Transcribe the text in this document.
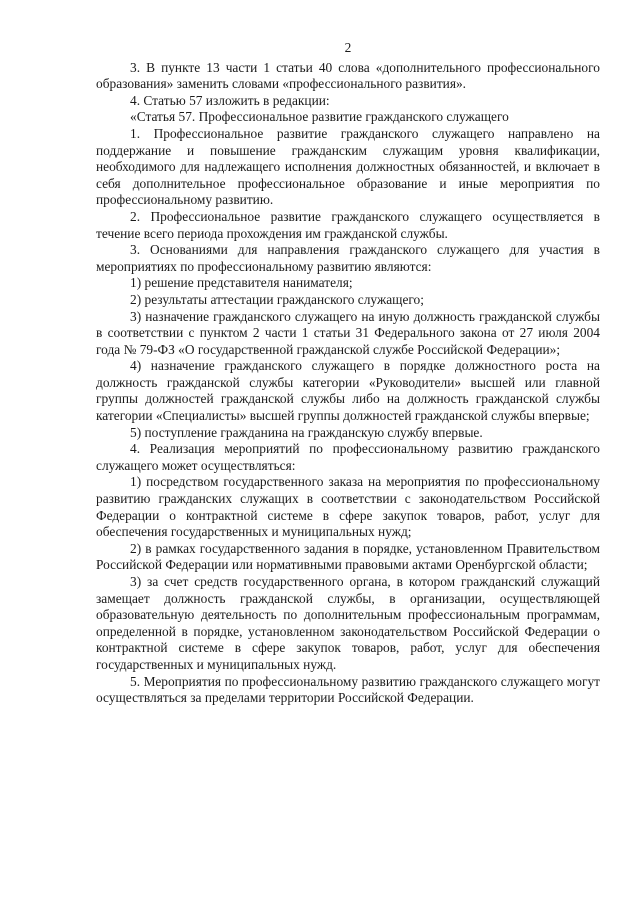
2

3. В пункте 13 части 1 статьи 40 слова «дополнительного профессионального образования» заменить словами «профессионального развития».

4. Статью 57 изложить в редакции:

«Статья 57. Профессиональное развитие гражданского служащего

1. Профессиональное развитие гражданского служащего направлено на поддержание и повышение гражданским служащим уровня квалификации, необходимого для надлежащего исполнения должностных обязанностей, и включает в себя дополнительное профессиональное образование и иные мероприятия по профессиональному развитию.

2. Профессиональное развитие гражданского служащего осуществляется в течение всего периода прохождения им гражданской службы.

3. Основаниями для направления гражданского служащего для участия в мероприятиях по профессиональному развитию являются:

1) решение представителя нанимателя;

2) результаты аттестации гражданского служащего;

3) назначение гражданского служащего на иную должность гражданской службы в соответствии с пунктом 2 части 1 статьи 31 Федерального закона от 27 июля 2004 года № 79-ФЗ «О государственной гражданской службе Российской Федерации»;

4) назначение гражданского служащего в порядке должностного роста на должность гражданской службы категории «Руководители» высшей или главной группы должностей гражданской службы либо на должность гражданской службы категории «Специалисты» высшей группы должностей гражданской службы впервые;

5) поступление гражданина на гражданскую службу впервые.

4. Реализация мероприятий по профессиональному развитию гражданского служащего может осуществляться:

1) посредством государственного заказа на мероприятия по профессиональному развитию гражданских служащих в соответствии с законодательством Российской Федерации о контрактной системе в сфере закупок товаров, работ, услуг для обеспечения государственных и муниципальных нужд;

2) в рамках государственного задания в порядке, установленном Правительством Российской Федерации или нормативными правовыми актами Оренбургской области;

3) за счет средств государственного органа, в котором гражданский служащий замещает должность гражданской службы, в организации, осуществляющей образовательную деятельность по дополнительным профессиональным программам, определенной в порядке, установленном законодательством Российской Федерации о контрактной системе в сфере закупок товаров, работ, услуг для обеспечения государственных и муниципальных нужд.

5. Мероприятия по профессиональному развитию гражданского служащего могут осуществляться за пределами территории Российской Федерации.
